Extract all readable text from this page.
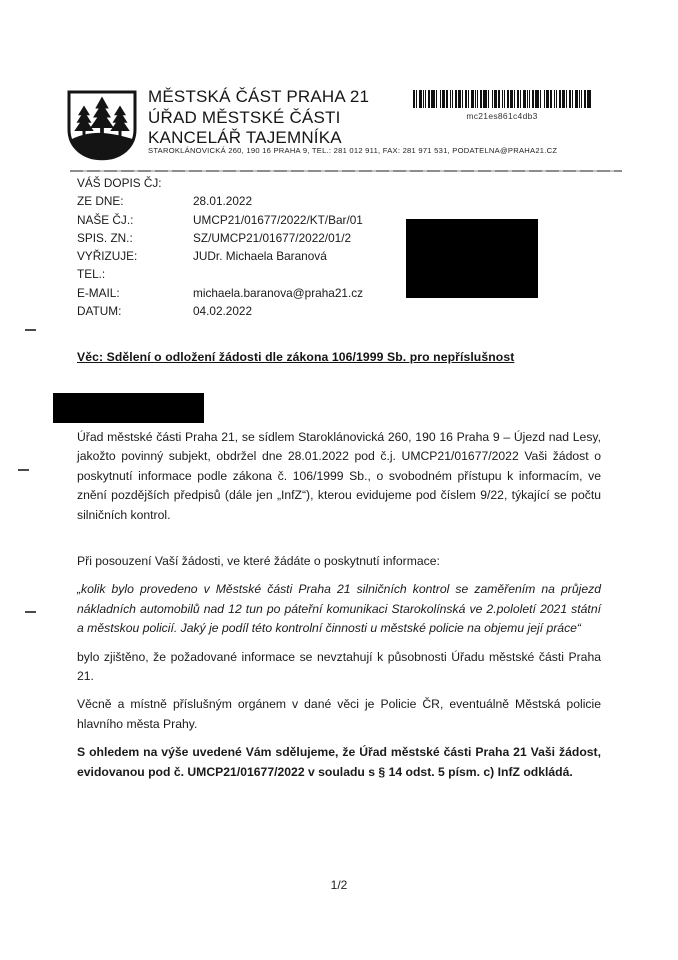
MĚSTSKÁ ČÁST PRAHA 21
ÚŘAD MĚSTSKÉ ČÁSTI
KANCELÁŘ TAJEMNÍKA
STAROKLÁNOVICKÁ 260, 190 16 PRAHA 9, TEL.: 281 012 911, FAX: 281 971 531, PODATELNA@PRAHA21.CZ
mc21es861c4db3
VÁŠ DOPIS ČJ:
ZE DNE:	28.01.2022
NAŠE ČJ.:	UMCP21/01677/2022/KT/Bar/01
SPIS. ZN.:	SZ/UMCP21/01677/2022/01/2
VYŘIZUJE:	JUDr. Michaela Baranová
TEL.:
E-MAIL:	michaela.baranova@praha21.cz
DATUM:	04.02.2022
Věc: Sdělení o odložení žádosti dle zákona 106/1999 Sb. pro nepříslušnost

Úřad městské části Praha 21, se sídlem Staroklánovická 260, 190 16 Praha 9 – Újezd nad Lesy, jakožto povinný subjekt, obdržel dne 28.01.2022 pod č.j. UMCP21/01677/2022 Vaši žádost o poskytnutí informace podle zákona č. 106/1999 Sb., o svobodném přístupu k informacím, ve znění pozdějších předpisů (dále jen „InfZ“), kterou evidujeme pod číslem 9/22, týkající se počtu silničních kontrol.

Při posouzení Vaší žádosti, ve které žádáte o poskytnutí informace:

„kolik bylo provedeno v Městské části Praha 21 silničních kontrol se zaměřením na průjezd nákladních automobilů nad 12 tun po páteřní komunikaci Starokolínská ve 2.pololetí 2021 státní a městskou policií. Jaký je podíl této kontrolní činnosti u městské policie na objemu její práce“

bylo zjištěno, že požadované informace se nevztahují k působnosti Úřadu městské části Praha 21.

Věcně a místně příslušným orgánem v dané věci je Policie ČR, eventuálně Městská policie hlavního města Prahy.

S ohledem na výše uvedené Vám sdělujeme, že Úřad městské části Praha 21 Vaši žádost, evidovanou pod č. UMCP21/01677/2022 v souladu s § 14 odst. 5 písm. c) InfZ odkládá.

1/2
